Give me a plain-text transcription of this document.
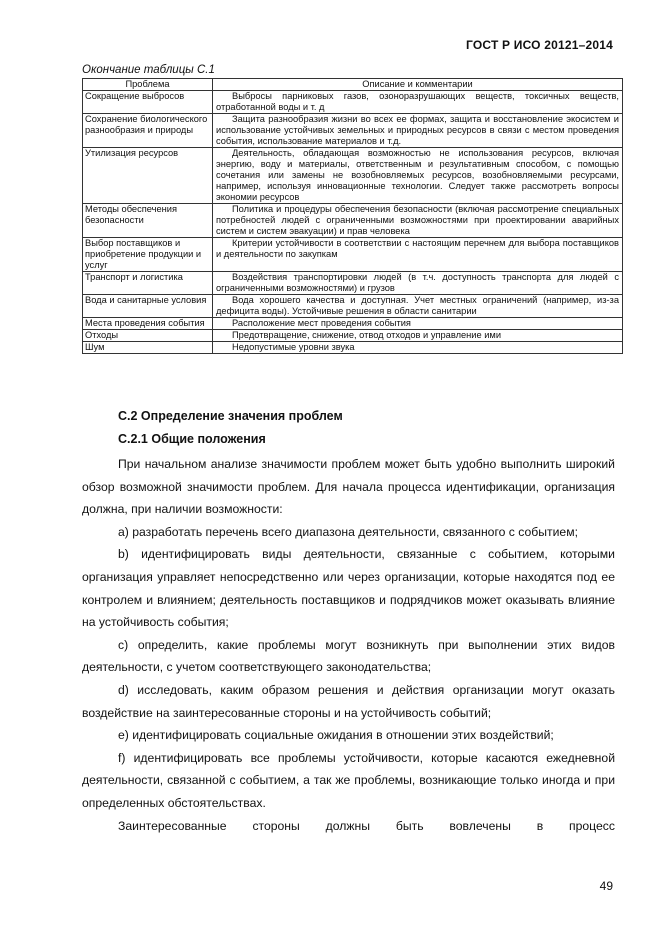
ГОСТ Р ИСО 20121–2014
Окончание таблицы С.1
Проблема	Описание и комментарии
Сокращение выбросов	Выбросы парниковых газов, озоноразрушающих веществ, токсичных веществ, отработанной воды и т. д
Сохранение биологического разнообразия и природы	Защита разнообразия жизни во всех ее формах, защита и восстановление экосистем и использование устойчивых земельных и природных ресурсов в связи с местом проведения события, использование материалов и т.д.
Утилизация ресурсов	Деятельность, обладающая возможностью не использования ресурсов, включая энергию, воду и материалы, ответственным и результативным способом, с помощью сочетания или замены не возобновляемых ресурсов, возобновляемыми ресурсами, например, используя инновационные технологии. Следует также рассмотреть вопросы экономии ресурсов
Методы обеспечения безопасности	Политика и процедуры обеспечения безопасности (включая рассмотрение специальных потребностей людей с ограниченными возможностями при проектировании аварийных систем и систем эвакуации) и прав человека
Выбор поставщиков и приобретение продукции и услуг	Критерии устойчивости в соответствии с настоящим перечнем для выбора поставщиков и деятельности по закупкам
Транспорт и логистика	Воздействия транспортировки людей (в т.ч. доступность транспорта для людей с ограниченными возможностями) и грузов
Вода и санитарные условия	Вода хорошего качества и доступная. Учет местных ограничений (например, из-за дефицита воды). Устойчивые решения в области санитарии
Места проведения события	Расположение мест проведения события
Отходы	Предотвращение, снижение, отвод отходов и управление ими
Шум	Недопустимые уровни звука
С.2 Определение значения проблем
С.2.1 Общие положения

При начальном анализе значимости проблем может быть удобно выполнить широкий обзор возможной значимости проблем. Для начала процесса идентификации, организация должна, при наличии возможности:

а) разработать перечень всего диапазона деятельности, связанного с событием;

b) идентифицировать виды деятельности, связанные с событием, которыми организация управляет непосредственно или через организации, которые находятся под ее контролем и влиянием; деятельность поставщиков и подрядчиков может оказывать влияние на устойчивость события;

с) определить, какие проблемы могут возникнуть при выполнении этих видов деятельности, с учетом соответствующего законодательства;

d) исследовать, каким образом решения и действия организации могут оказать воздействие на заинтересованные стороны и на устойчивость событий;

е) идентифицировать социальные ожидания в отношении этих воздействий;

f) идентифицировать все проблемы устойчивости, которые касаются ежедневной деятельности, связанной с событием, а так же проблемы, возникающие только иногда и при определенных обстоятельствах.

Заинтересованные стороны должны быть вовлечены в процесс

49
